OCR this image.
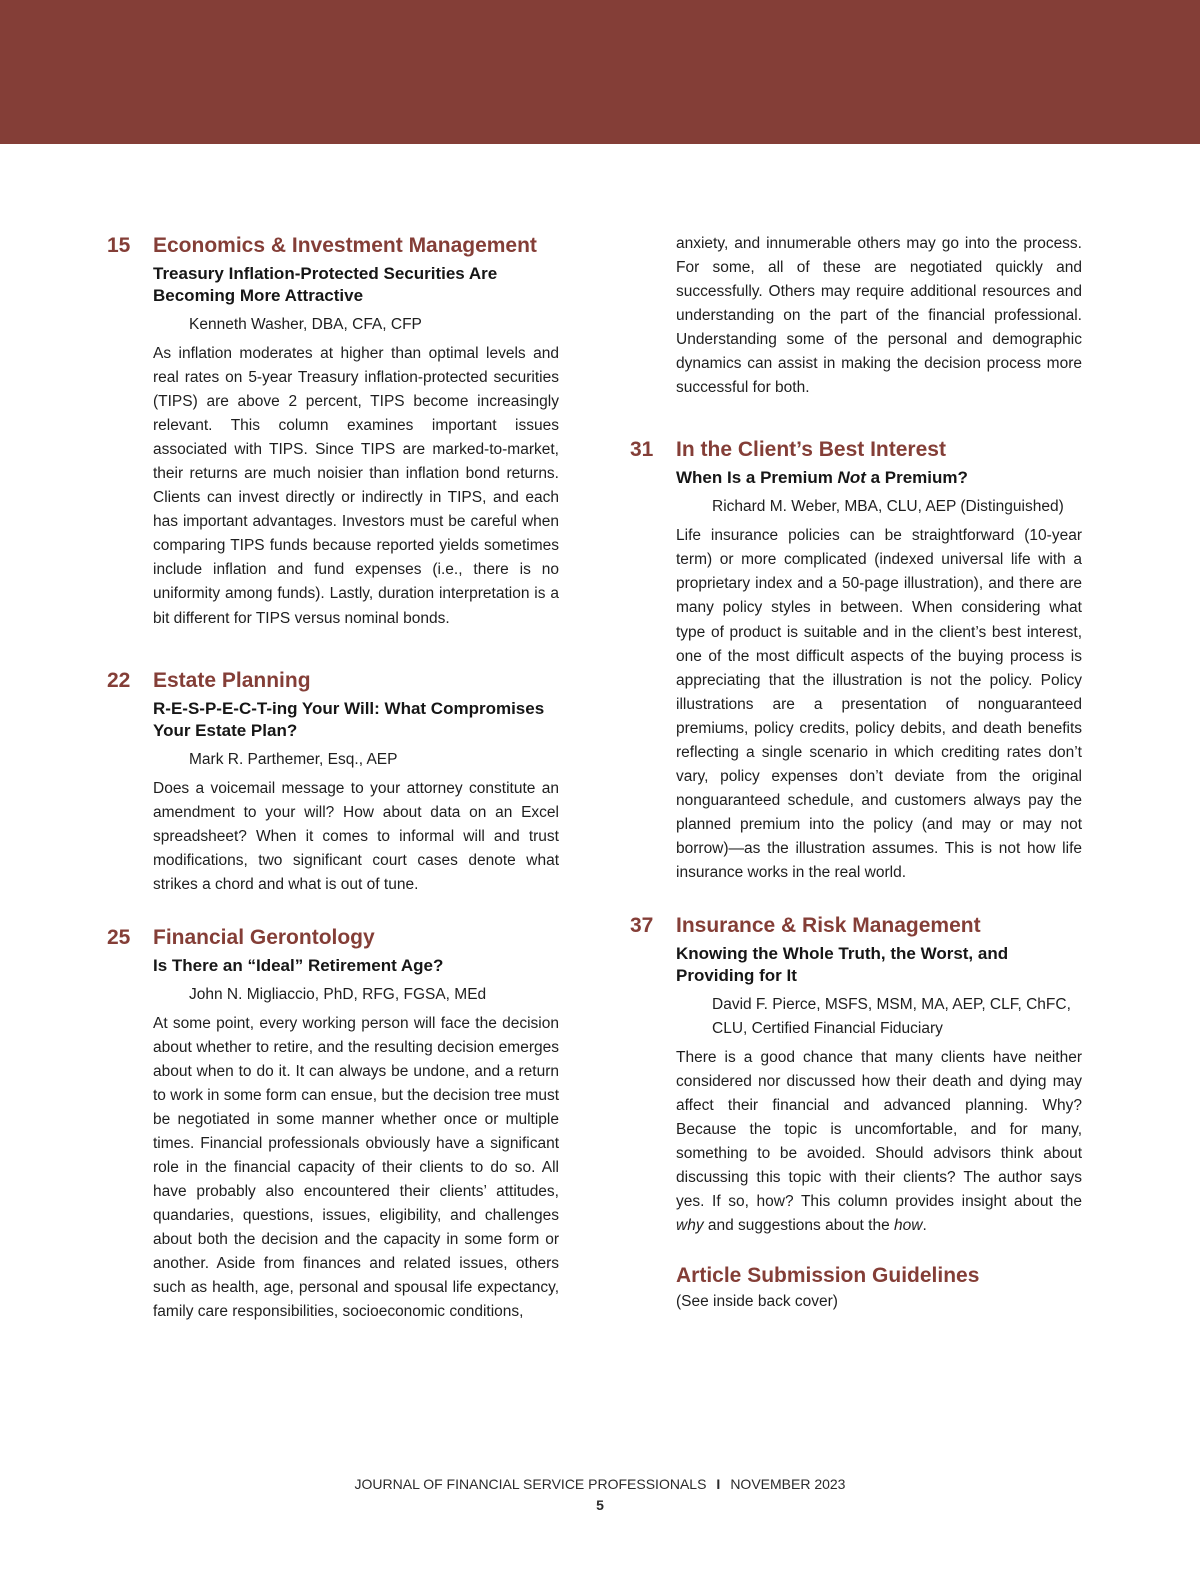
15 Economics & Investment Management
Treasury Inflation-Protected Securities Are Becoming More Attractive
Kenneth Washer, DBA, CFA, CFP

As inflation moderates at higher than optimal levels and real rates on 5-year Treasury inflation-protected securities (TIPS) are above 2 percent, TIPS become increasingly relevant. This column examines important issues associated with TIPS. Since TIPS are marked-to-market, their returns are much noisier than inflation bond returns. Clients can invest directly or indirectly in TIPS, and each has important advantages. Investors must be careful when comparing TIPS funds because reported yields sometimes include inflation and fund expenses (i.e., there is no uniformity among funds). Lastly, duration interpretation is a bit different for TIPS versus nominal bonds.

22 Estate Planning
R-E-S-P-E-C-T-ing Your Will: What Compromises Your Estate Plan?
Mark R. Parthemer, Esq., AEP

Does a voicemail message to your attorney constitute an amendment to your will? How about data on an Excel spreadsheet? When it comes to informal will and trust modifications, two significant court cases denote what strikes a chord and what is out of tune.

25 Financial Gerontology
Is There an “Ideal” Retirement Age?
John N. Migliaccio, PhD, RFG, FGSA, MEd

At some point, every working person will face the decision about whether to retire, and the resulting decision emerges about when to do it. It can always be undone, and a return to work in some form can ensue, but the decision tree must be negotiated in some manner whether once or multiple times. Financial professionals obviously have a significant role in the financial capacity of their clients to do so. All have probably also encountered their clients’ attitudes, quandaries, questions, issues, eligibility, and challenges about both the decision and the capacity in some form or another. Aside from finances and related issues, others such as health, age, personal and spousal life expectancy, family care responsibilities, socioeconomic conditions,

anxiety, and innumerable others may go into the process. For some, all of these are negotiated quickly and successfully. Others may require additional resources and understanding on the part of the financial professional. Understanding some of the personal and demographic dynamics can assist in making the decision process more successful for both.

31 In the Client’s Best Interest
When Is a Premium Not a Premium?
Richard M. Weber, MBA, CLU, AEP (Distinguished)

Life insurance policies can be straightforward (10-year term) or more complicated (indexed universal life with a proprietary index and a 50-page illustration), and there are many policy styles in between. When considering what type of product is suitable and in the client’s best interest, one of the most difficult aspects of the buying process is appreciating that the illustration is not the policy. Policy illustrations are a presentation of nonguaranteed premiums, policy credits, policy debits, and death benefits reflecting a single scenario in which crediting rates don’t vary, policy expenses don’t deviate from the original nonguaranteed schedule, and customers always pay the planned premium into the policy (and may or may not borrow)—as the illustration assumes. This is not how life insurance works in the real world.

37 Insurance & Risk Management
Knowing the Whole Truth, the Worst, and Providing for It
David F. Pierce, MSFS, MSM, MA, AEP, CLF, ChFC, CLU, Certified Financial Fiduciary

There is a good chance that many clients have neither considered nor discussed how their death and dying may affect their financial and advanced planning. Why? Because the topic is uncomfortable, and for many, something to be avoided. Should advisors think about discussing this topic with their clients? The author says yes. If so, how? This column provides insight about the why and suggestions about the how.

Article Submission Guidelines

(See inside back cover)

JOURNAL OF FINANCIAL SERVICE PROFESSIONALS I NOVEMBER 2023
5
